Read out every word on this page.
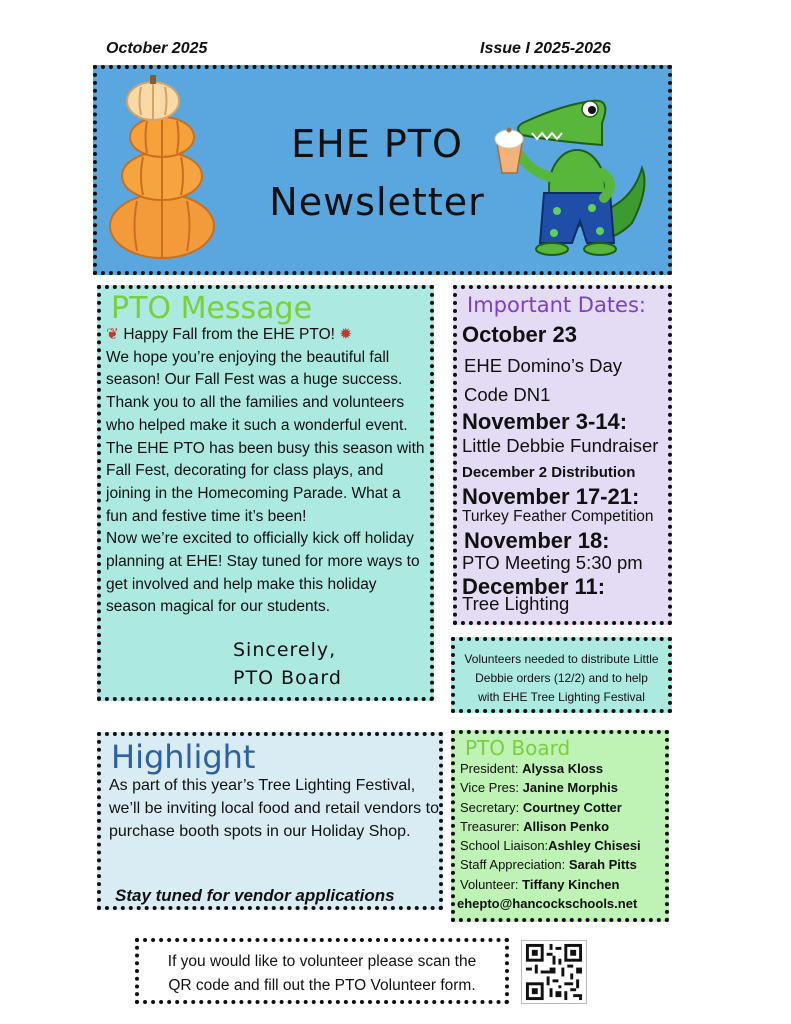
October 2025	Issue I 2025-2026
EHE PTO
Newsletter
PTO Message

❦ Happy Fall from the EHE PTO! ✹

We hope you’re enjoying the beautiful fall season! Our Fall Fest was a huge success. Thank you to all the families and volunteers who helped make it such a wonderful event.

The EHE PTO has been busy this season with Fall Fest, decorating for class plays, and joining in the Homecoming Parade. What a fun and festive time it’s been!

Now we’re excited to officially kick off holiday planning at EHE! Stay tuned for more ways to get involved and help make this holiday season magical for our students.

Sincerely,
PTO Board
Important Dates:
October 23
EHE Domino’s Day
Code DN1
November 3-14:
Little Debbie Fundraiser
December 2 Distribution
November 17-21:
Turkey Feather Competition
November 18:
PTO Meeting 5:30 pm
December 11:
Tree Lighting
Volunteers needed to distribute Little
Debbie orders (12/2) and to help
with EHE Tree Lighting Festival
Highlight
As part of this year’s Tree Lighting Festival, we’ll be inviting local food and retail vendors to purchase booth spots in our Holiday Shop.
Stay tuned for vendor applications
PTO Board
President: Alyssa Kloss
Vice Pres: Janine Morphis
Secretary: Courtney Cotter
Treasurer: Allison Penko
School Liaison:Ashley Chisesi
Staff Appreciation: Sarah Pitts
Volunteer: Tiffany Kinchen
ehepto@hancockschools.net
If you would like to volunteer please scan the
QR code and fill out the PTO Volunteer form.
